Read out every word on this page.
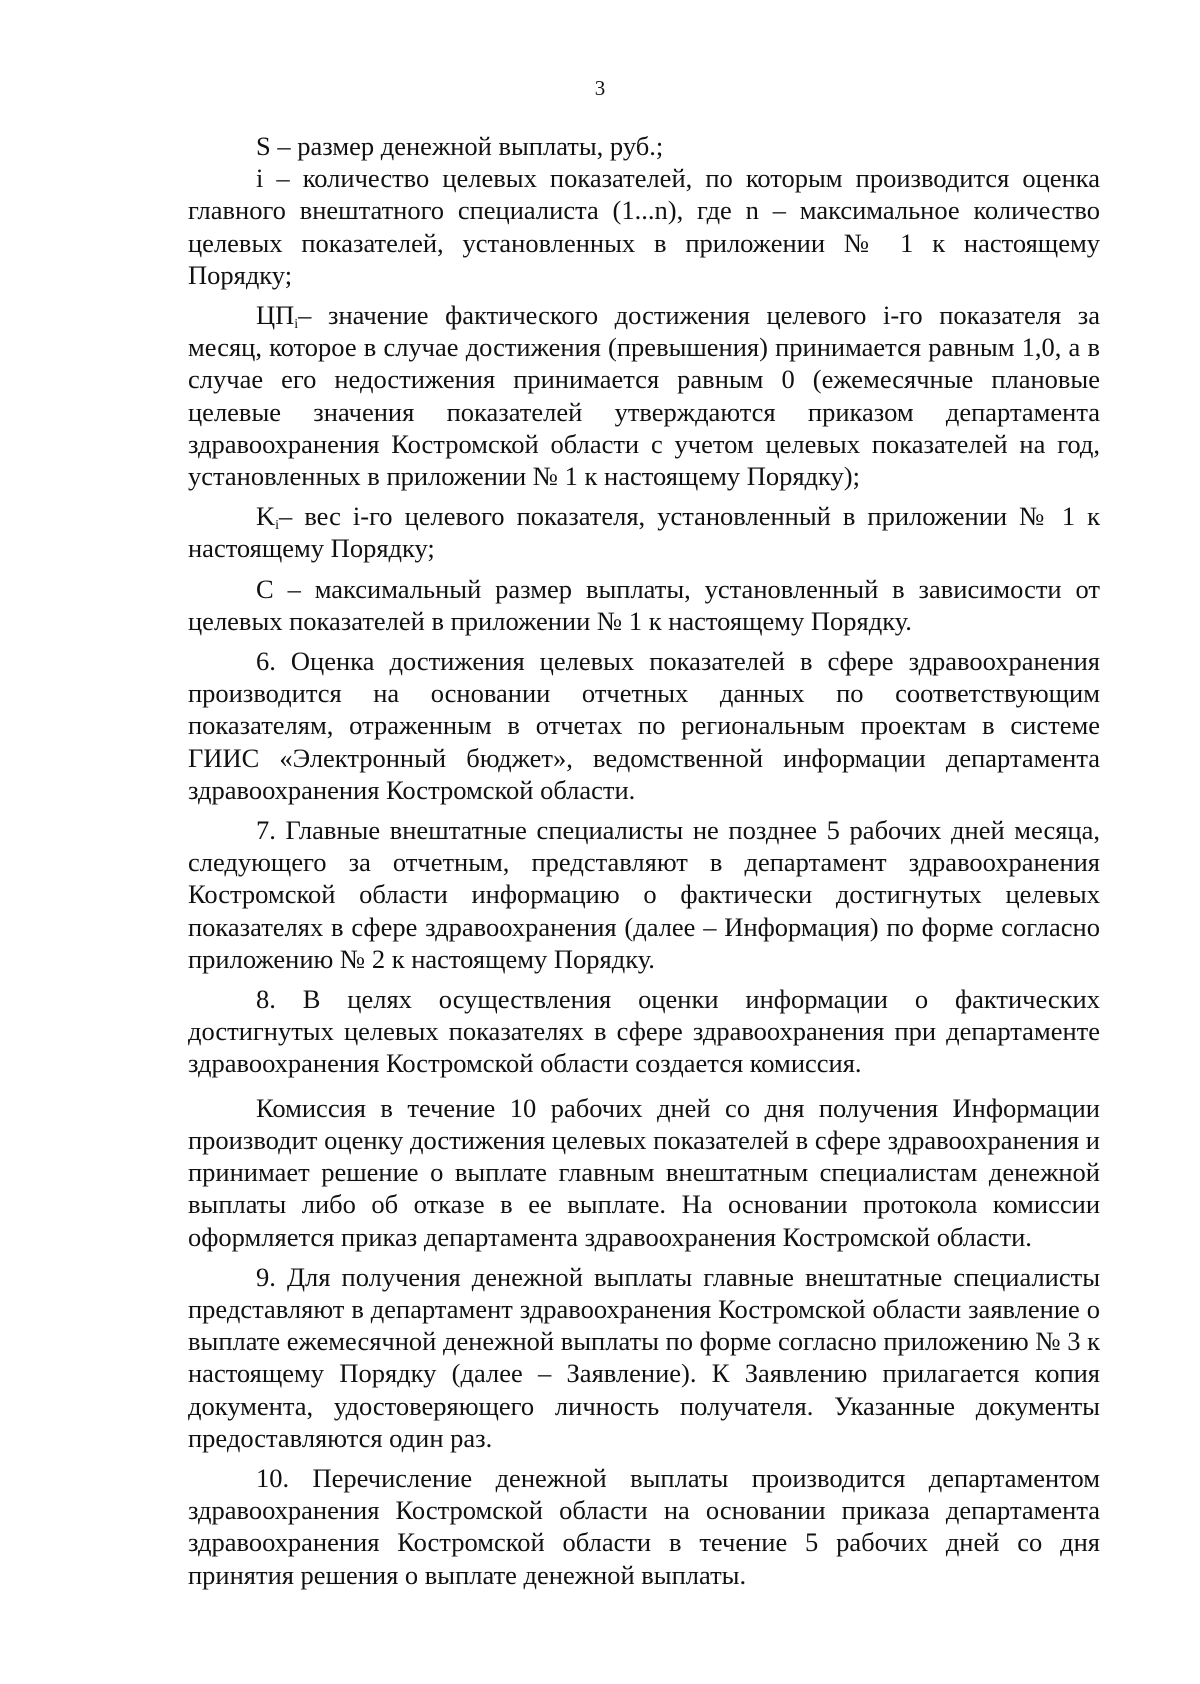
3

S – размер денежной выплаты, руб.;

i – количество целевых показателей, по которым производится оценка главного внештатного специалиста (1...n), где n – максимальное количество целевых показателей, установленных в приложении № 1 к настоящему Порядку;

$ЦП_i-$ значение фактического достижения целевого i-го показателя за месяц, которое в случае достижения (превышения) принимается равным 1,0, а в случае его недостижения принимается равным 0 (ежемесячные плановые целевые значения показателей утверждаются приказом департамента здравоохранения Костромской области с учетом целевых показателей на год, установленных в приложении № 1 к настоящему Порядку);

$K_i-$ вес i-го целевого показателя, установленный в приложении № 1 к настоящему Порядку;

С – максимальный размер выплаты, установленный в зависимости от целевых показателей в приложении № 1 к настоящему Порядку.

6. Оценка достижения целевых показателей в сфере здравоохранения производится на основании отчетных данных по соответствующим показателям, отраженным в отчетах по региональным проектам в системе ГИИС «Электронный бюджет», ведомственной информации департамента здравоохранения Костромской области.

7. Главные внештатные специалисты не позднее 5 рабочих дней месяца, следующего за отчетным, представляют в департамент здравоохранения Костромской области информацию о фактически достигнутых целевых показателях в сфере здравоохранения (далее – Информация) по форме согласно приложению № 2 к настоящему Порядку.

8. В целях осуществления оценки информации о фактических достигнутых целевых показателях в сфере здравоохранения при департаменте здравоохранения Костромской области создается комиссия.

Комиссия в течение 10 рабочих дней со дня получения Информации производит оценку достижения целевых показателей в сфере здравоохранения и принимает решение о выплате главным внештатным специалистам денежной выплаты либо об отказе в ее выплате. На основании протокола комиссии оформляется приказ департамента здравоохранения Костромской области.

9. Для получения денежной выплаты главные внештатные специалисты представляют в департамент здравоохранения Костромской области заявление о выплате ежемесячной денежной выплаты по форме согласно приложению № 3 к настоящему Порядку (далее – Заявление). К Заявлению прилагается копия документа, удостоверяющего личность получателя. Указанные документы предоставляются один раз.

10. Перечисление денежной выплаты производится департаментом здравоохранения Костромской области на основании приказа департамента здравоохранения Костромской области в течение 5 рабочих дней со дня принятия решения о выплате денежной выплаты.
